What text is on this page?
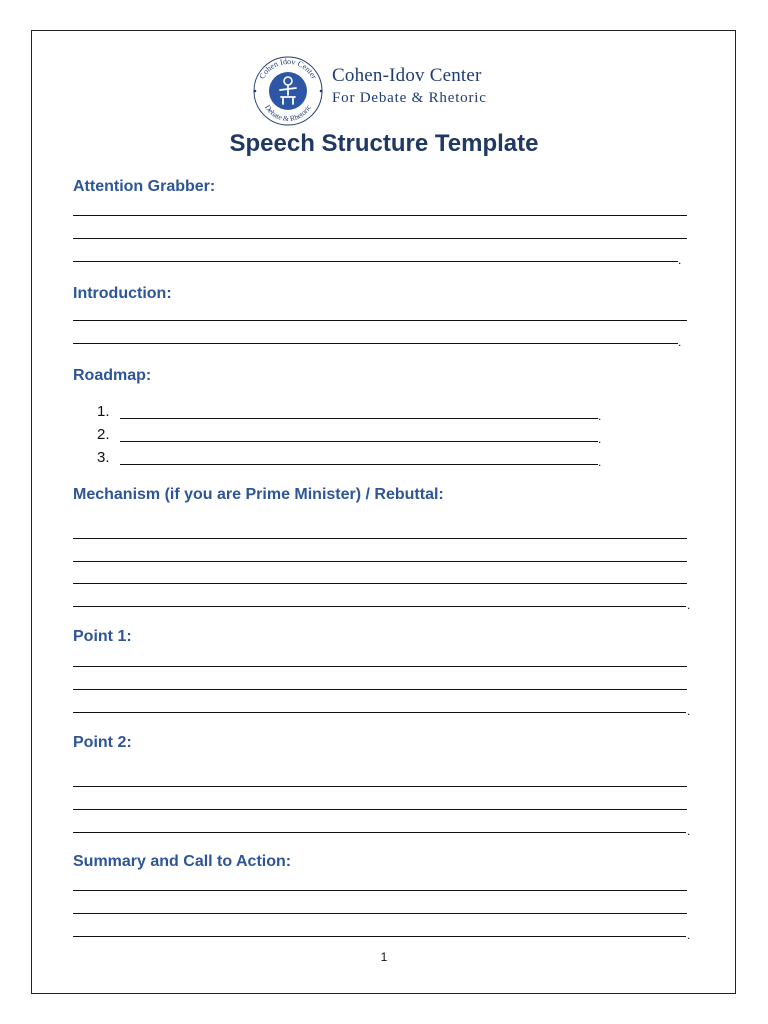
Cohen Idov Center
Debate & Rhetoric
Cohen-Idov Center
For Debate & Rhetoric
Speech Structure Template
Attention Grabber:
.
Introduction:
.
Roadmap:
1.	.
2.	.
3.	.
Mechanism (if you are Prime Minister) / Rebuttal:
.
Point 1:
.
Point 2:
.
Summary and Call to Action:
.
1
